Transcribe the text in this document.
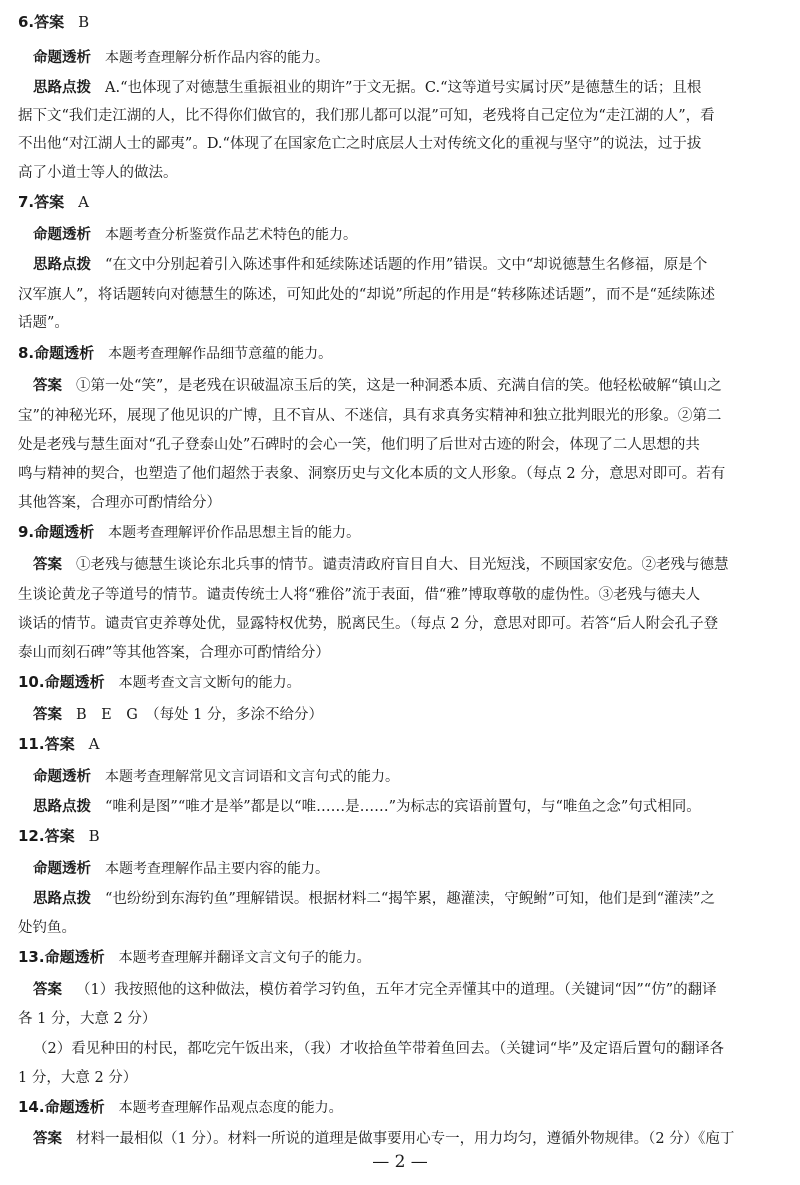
6.答案 B
命题透析 本题考查理解分析作品内容的能力。
思路点拨 A.“也体现了对德慧生重振祖业的期许”于文无据。C.“这等道号实属讨厌”是德慧生的话；且根
据下文“我们走江湖的人，比不得你们做官的，我们那儿都可以混”可知，老残将自己定位为“走江湖的人”，看
不出他“对江湖人士的鄙夷”。D.“体现了在国家危亡之时底层人士对传统文化的重视与坚守”的说法，过于拔
高了小道士等人的做法。
7.答案 A
命题透析 本题考查分析鉴赏作品艺术特色的能力。
思路点拨 “在文中分别起着引入陈述事件和延续陈述话题的作用”错误。文中“却说德慧生名修福，原是个
汉军旗人”，将话题转向对德慧生的陈述，可知此处的“却说”所起的作用是“转移陈述话题”，而不是“延续陈述
话题”。
8.命题透析 本题考查理解作品细节意蕴的能力。
答案 ①第一处“笑”，是老残在识破温凉玉后的笑，这是一种洞悉本质、充满自信的笑。他轻松破解“镇山之
宝”的神秘光环，展现了他见识的广博，且不盲从、不迷信，具有求真务实精神和独立批判眼光的形象。②第二
处是老残与慧生面对“孔子登泰山处”石碑时的会心一笑，他们明了后世对古迹的附会，体现了二人思想的共
鸣与精神的契合，也塑造了他们超然于表象、洞察历史与文化本质的文人形象。（每点 2 分，意思对即可。若有
其他答案，合理亦可酌情给分）
9.命题透析 本题考查理解评价作品思想主旨的能力。
答案 ①老残与德慧生谈论东北兵事的情节。谴责清政府盲目自大、目光短浅，不顾国家安危。②老残与德慧
生谈论黄龙子等道号的情节。谴责传统士人将“雅俗”流于表面，借“雅”博取尊敬的虚伪性。③老残与德夫人
谈话的情节。谴责官吏养尊处优，显露特权优势，脱离民生。（每点 2 分，意思对即可。若答“后人附会孔子登
泰山而刻石碑”等其他答案，合理亦可酌情给分）
10.命题透析 本题考查文言文断句的能力。
答案 B　E　G　（每处 1 分，多涂不给分）
11.答案 A
命题透析 本题考查理解常见文言词语和文言句式的能力。
思路点拨 “唯利是图”“唯才是举”都是以“唯……是……”为标志的宾语前置句，与“唯鱼之念”句式相同。
12.答案 B
命题透析 本题考查理解作品主要内容的能力。
思路点拨 “也纷纷到东海钓鱼”理解错误。根据材料二“揭竿累，趣灌渎，守鲵鲋”可知，他们是到“灌渎”之
处钓鱼。
13.命题透析 本题考查理解并翻译文言文句子的能力。
答案 （1）我按照他的这种做法，模仿着学习钓鱼，五年才完全弄懂其中的道理。（关键词“因”“仿”的翻译
各 1 分，大意 2 分）
（2）看见种田的村民，都吃完午饭出来，（我）才收拾鱼竿带着鱼回去。（关键词“毕”及定语后置句的翻译各
1 分，大意 2 分）
14.命题透析 本题考查理解作品观点态度的能力。
答案 材料一最相似（1 分）。材料一所说的道理是做事要用心专一，用力均匀，遵循外物规律。（2 分）《庖丁
— 2 —
